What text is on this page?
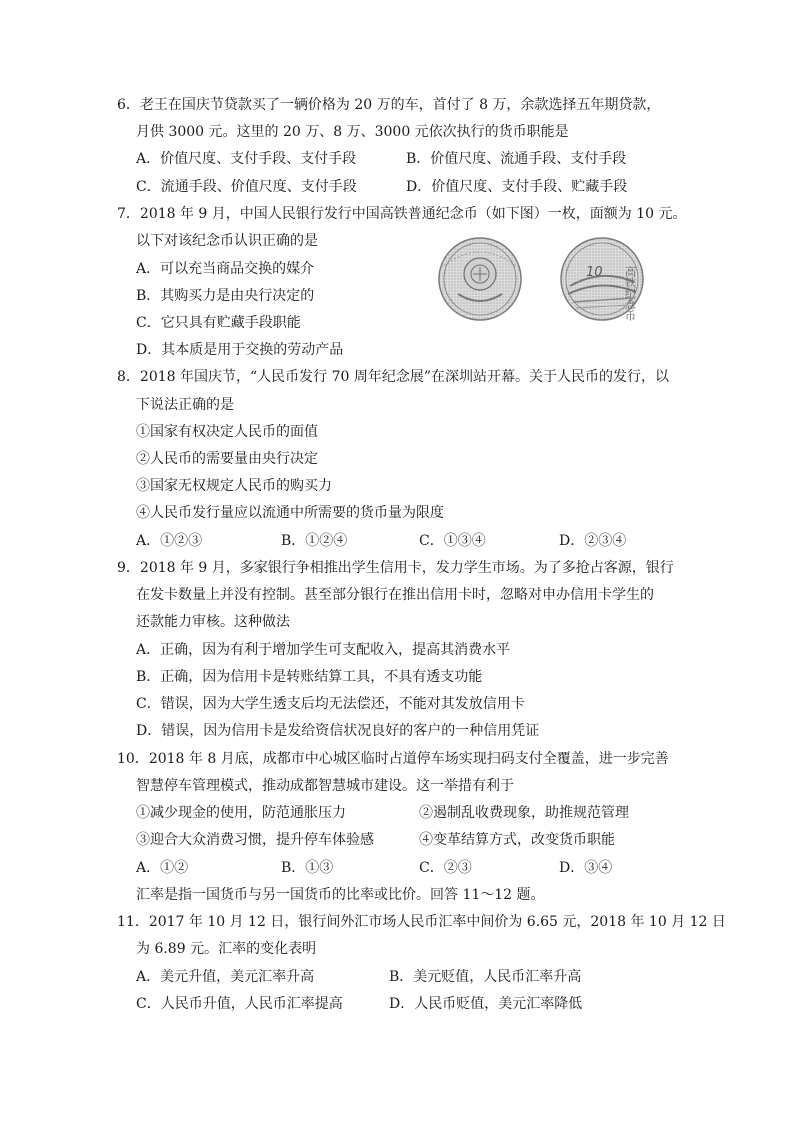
6．老王在国庆节贷款买了一辆价格为 20 万的车，首付了 8 万，余款选择五年期贷款，
月供 3000 元。这里的 20 万、8 万、3000 元依次执行的货币职能是
A．价值尺度、支付手段、支付手段	B．价值尺度、流通手段、支付手段
C．流通手段、价值尺度、支付手段	D．价值尺度、支付手段、贮藏手段
7．2018 年 9 月，中国人民银行发行中国高铁普通纪念币（如下图）一枚，面额为 10 元。
以下对该纪念币认识正确的是
A．可以充当商品交换的媒介
B．其购买力是由央行决定的
C．它只具有贮藏手段职能
D．其本质是用于交换的劳动产品
10 高铁纪念币
8．2018 年国庆节，“人民币发行 70 周年纪念展”在深圳站开幕。关于人民币的发行，以
下说法正确的是
①国家有权决定人民币的面值
②人民币的需要量由央行决定
③国家无权规定人民币的购买力
④人民币发行量应以流通中所需要的货币量为限度
A．①②③	B．①②④	C．①③④	D．②③④
9．2018 年 9 月，多家银行争相推出学生信用卡，发力学生市场。为了多抢占客源，银行
在发卡数量上并没有控制。甚至部分银行在推出信用卡时，忽略对申办信用卡学生的
还款能力审核。这种做法
A．正确，因为有利于增加学生可支配收入，提高其消费水平
B．正确，因为信用卡是转账结算工具，不具有透支功能
C．错误，因为大学生透支后均无法偿还，不能对其发放信用卡
D．错误，因为信用卡是发给资信状况良好的客户的一种信用凭证
10．2018 年 8 月底，成都市中心城区临时占道停车场实现扫码支付全覆盖，进一步完善
智慧停车管理模式，推动成都智慧城市建设。这一举措有利于
①减少现金的使用，防范通胀压力	②遏制乱收费现象，助推规范管理
③迎合大众消费习惯，提升停车体验感	④变革结算方式，改变货币职能
A．①②	B．①③	C．②③	D．③④
汇率是指一国货币与另一国货币的比率或比价。回答 11～12 题。
11．2017 年 10 月 12 日，银行间外汇市场人民币汇率中间价为 6.65 元，2018 年 10 月 12 日
为 6.89 元。汇率的变化表明
A．美元升值，美元汇率升高	B．美元贬值，人民币汇率升高
C．人民币升值，人民币汇率提高	D．人民币贬值，美元汇率降低
